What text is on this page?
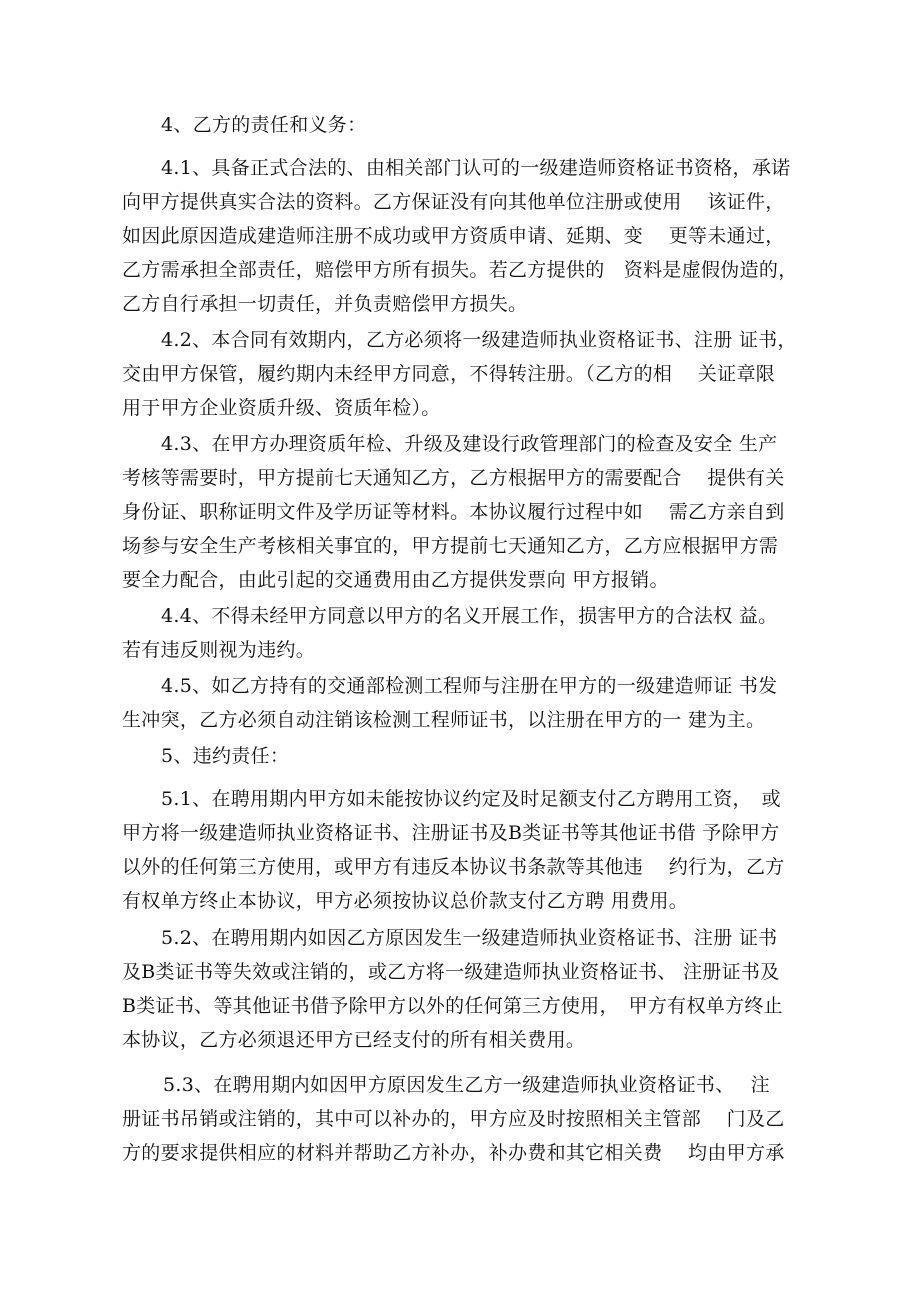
4、乙方的责任和义务：
4.1、具备正式合法的、由相关部门认可的一级建造师资格证书资格，承诺
向甲方提供真实合法的资料。乙方保证没有向其他单位注册或使用　 该证件，
如因此原因造成建造师注册不成功或甲方资质申请、延期、变　 更等未通过，
乙方需承担全部责任，赔偿甲方所有损失。若乙方提供的　资料是虚假伪造的，
乙方自行承担一切责任，并负责赔偿甲方损失。
4.2、本合同有效期内，乙方必须将一级建造师执业资格证书、注册 证书，
交由甲方保管，履约期内未经甲方同意，不得转注册。（乙方的相　 关证章限
用于甲方企业资质升级、资质年检）。
4.3、在甲方办理资质年检、升级及建设行政管理部门的检查及安全 生产
考核等需要时，甲方提前七天通知乙方，乙方根据甲方的需要配合　 提供有关
身份证、职称证明文件及学历证等材料。本协议履行过程中如　 需乙方亲自到
场参与安全生产考核相关事宜的，甲方提前七天通知乙方，乙方应根据甲方需
要全力配合，由此引起的交通费用由乙方提供发票向 甲方报销。
4.4、不得未经甲方同意以甲方的名义开展工作，损害甲方的合法权 益。
若有违反则视为违约。
4.5、如乙方持有的交通部检测工程师与注册在甲方的一级建造师证 书发
生冲突，乙方必须自动注销该检测工程师证书，以注册在甲方的一 建为主。
5、违约责任：
5.1、在聘用期内甲方如未能按协议约定及时足额支付乙方聘用工资，　或
甲方将一级建造师执业资格证书、注册证书及B类证书等其他证书借 予除甲方
以外的任何第三方使用，或甲方有违反本协议书条款等其他违　 约行为，乙方
有权单方终止本协议，甲方必须按协议总价款支付乙方聘 用费用。
5.2、在聘用期内如因乙方原因发生一级建造师执业资格证书、注册 证书
及B类证书等失效或注销的，或乙方将一级建造师执业资格证书、 注册证书及
B类证书、等其他证书借予除甲方以外的任何第三方使用，　甲方有权单方终止
本协议，乙方必须退还甲方已经支付的所有相关费用。
5.3、在聘用期内如因甲方原因发生乙方一级建造师执业资格证书、　 注
册证书吊销或注销的，其中可以补办的，甲方应及时按照相关主管部　 门及乙
方的要求提供相应的材料并帮助乙方补办，补办费和其它相关费　 均由甲方承
